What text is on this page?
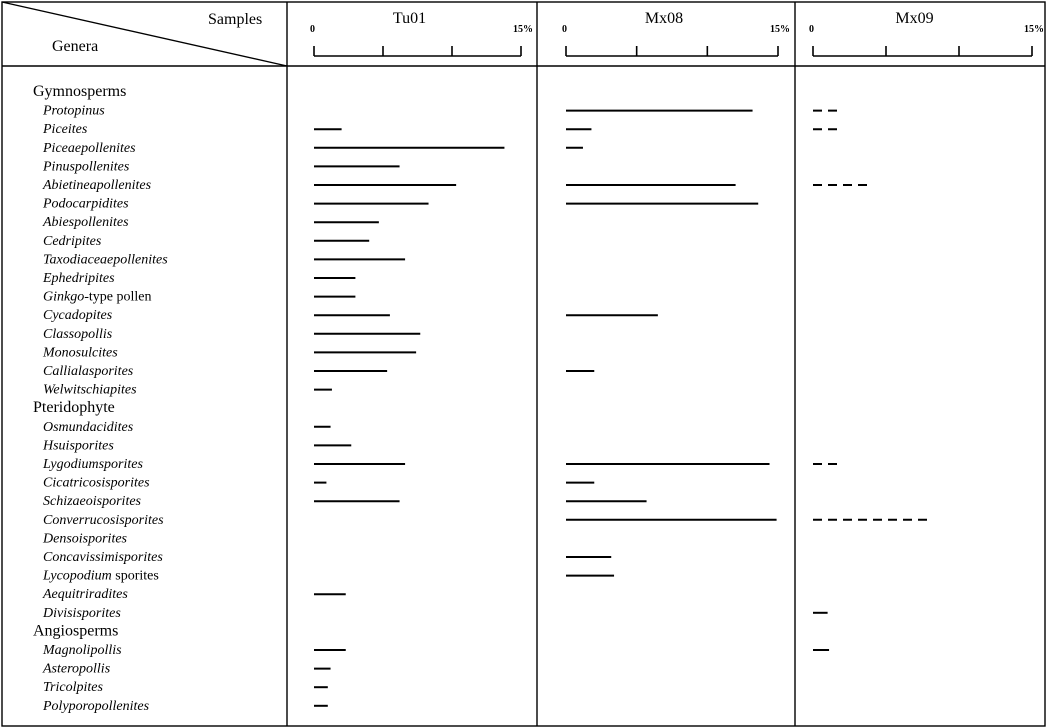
Samples
Genera
Tu01
0	15%
Mx08
0	15%
Mx09
0	15%
Gymnosperms
Protopinus
Piceites
Piceaepollenites
Pinuspollenites
Abietineapollenites
Podocarpidites
Abiespollenites
Cedripites
Taxodiaceaepollenites
Ephedripites
Ginkgo-type pollen
Cycadopites
Classopollis
Monosulcites
Callialasporites
Welwitschiapites
Pteridophyte
Osmundacidites
Hsuisporites
Lygodiumsporites
Cicatricosisporites
Schizaeoisporites
Converrucosisporites
Densoisporites
Concavissimisporites
Lycopodium sporites
Aequitriradites
Divisisporites
Angiosperms
Magnolipollis
Asteropollis
Tricolpites
Polyporopollenites
